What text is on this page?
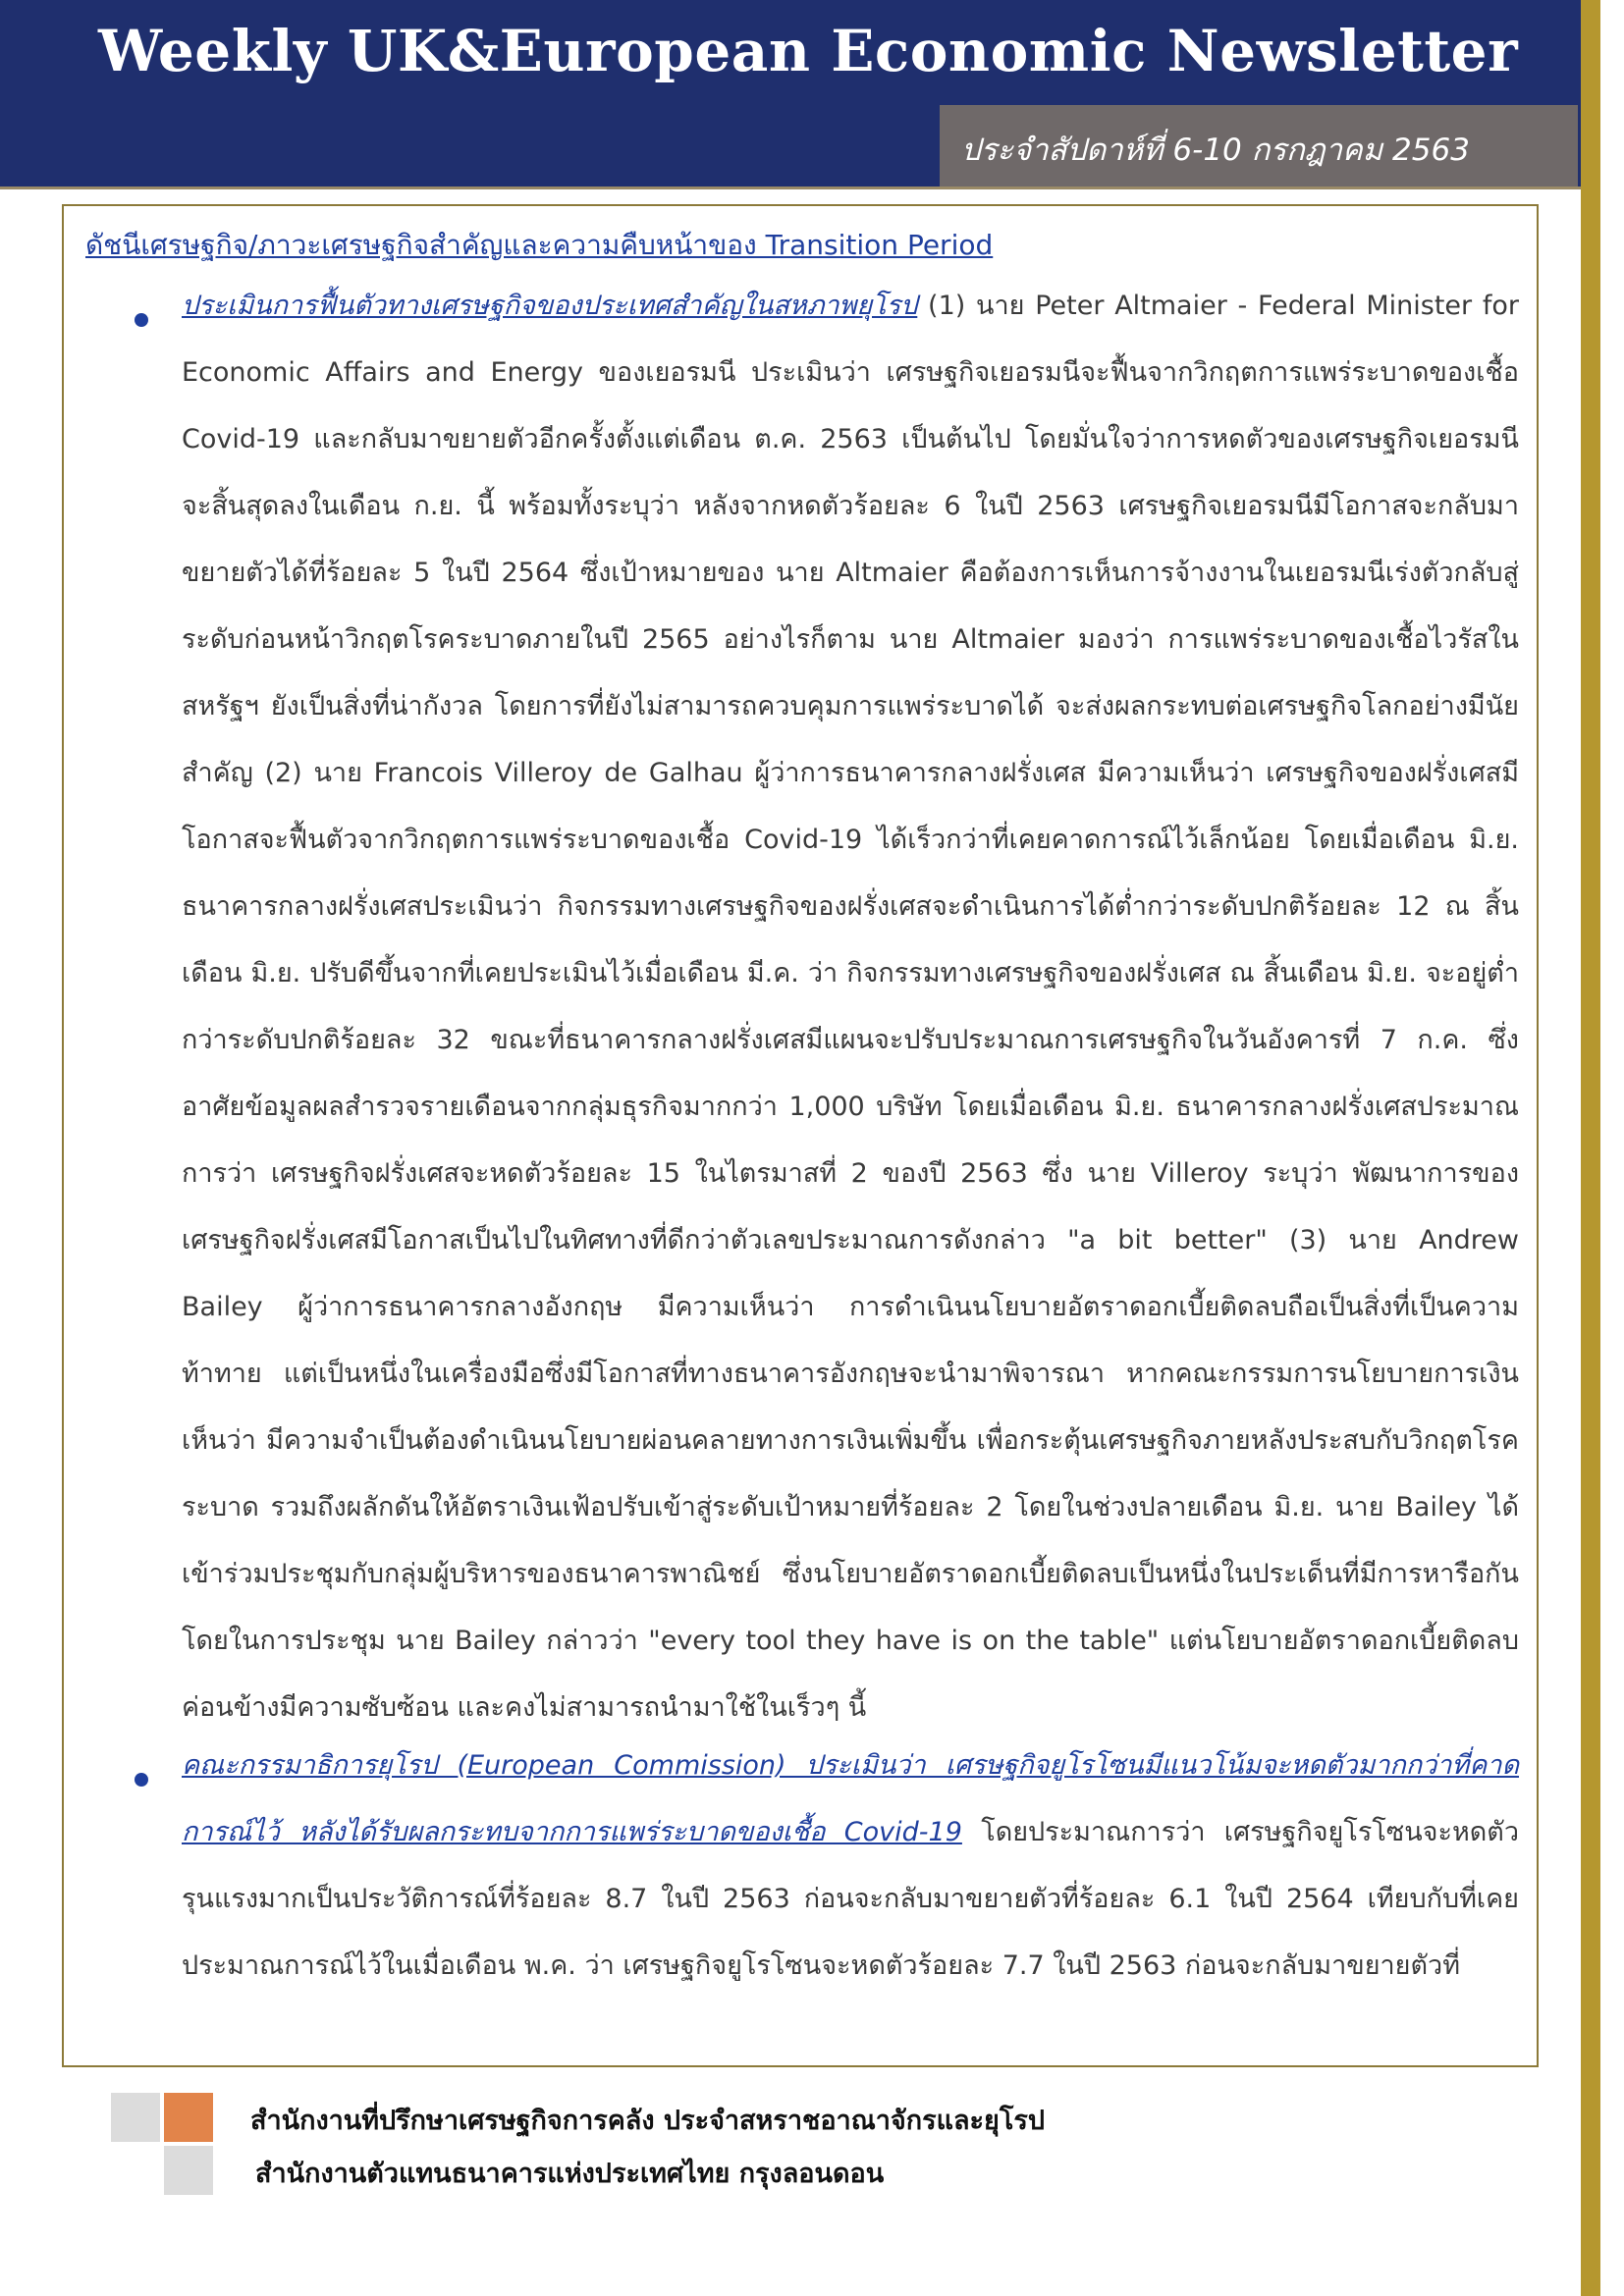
Weekly UK&European Economic Newsletter
ประจำสัปดาห์ที่ 6-10 กรกฎาคม 2563
ดัชนีเศรษฐกิจ/ภาวะเศรษฐกิจสำคัญและความคืบหน้าของ Transition Period

ประเมินการฟื้นตัวทางเศรษฐกิจของประเทศสำคัญในสหภาพยุโรป (1) นาย Peter Altmaier - Federal Minister for Economic Affairs and Energy ของเยอรมนี ประเมินว่า เศรษฐกิจเยอรมนีจะฟื้นจากวิกฤตการแพร่ระบาดของเชื้อ Covid-19 และกลับมาขยายตัวอีกครั้งตั้งแต่เดือน ต.ค. 2563 เป็นต้นไป โดยมั่นใจว่าการหดตัวของเศรษฐกิจเยอรมนีจะสิ้นสุดลงในเดือน ก.ย. นี้ พร้อมทั้งระบุว่า หลังจากหดตัวร้อยละ 6 ในปี 2563 เศรษฐกิจเยอรมนีมีโอกาสจะกลับมาขยายตัวได้ที่ร้อยละ 5 ในปี 2564 ซึ่งเป้าหมายของ นาย Altmaier คือต้องการเห็นการจ้างงานในเยอรมนีเร่งตัวกลับสู่ระดับก่อนหน้าวิกฤตโรคระบาดภายในปี 2565 อย่างไรก็ตาม นาย Altmaier มองว่า การแพร่ระบาดของเชื้อไวรัสในสหรัฐฯ ยังเป็นสิ่งที่น่ากังวล โดยการที่ยังไม่สามารถควบคุมการแพร่ระบาดได้ จะส่งผลกระทบต่อเศรษฐกิจโลกอย่างมีนัยสำคัญ (2) นาย Francois Villeroy de Galhau ผู้ว่าการธนาคารกลางฝรั่งเศส มีความเห็นว่า เศรษฐกิจของฝรั่งเศสมีโอกาสจะฟื้นตัวจากวิกฤตการแพร่ระบาดของเชื้อ Covid-19 ได้เร็วกว่าที่เคยคาดการณ์ไว้เล็กน้อย โดยเมื่อเดือน มิ.ย. ธนาคารกลางฝรั่งเศสประเมินว่า กิจกรรมทางเศรษฐกิจของฝรั่งเศสจะดำเนินการได้ต่ำกว่าระดับปกติร้อยละ 12 ณ สิ้นเดือน มิ.ย. ปรับดีขึ้นจากที่เคยประเมินไว้เมื่อเดือน มี.ค. ว่า กิจกรรมทางเศรษฐกิจของฝรั่งเศส ณ สิ้นเดือน มิ.ย. จะอยู่ต่ำกว่าระดับปกติร้อยละ 32 ขณะที่ธนาคารกลางฝรั่งเศสมีแผนจะปรับประมาณการเศรษฐกิจในวันอังคารที่ 7 ก.ค. ซึ่งอาศัยข้อมูลผลสำรวจรายเดือนจากกลุ่มธุรกิจมากกว่า 1,000 บริษัท โดยเมื่อเดือน มิ.ย. ธนาคารกลางฝรั่งเศสประมาณการว่า เศรษฐกิจฝรั่งเศสจะหดตัวร้อยละ 15 ในไตรมาสที่ 2 ของปี 2563 ซึ่ง นาย Villeroy ระบุว่า พัฒนาการของเศรษฐกิจฝรั่งเศสมีโอกาสเป็นไปในทิศทางที่ดีกว่าตัวเลขประมาณการดังกล่าว "a bit better" (3) นาย Andrew Bailey ผู้ว่าการธนาคารกลางอังกฤษ มีความเห็นว่า การดำเนินนโยบายอัตราดอกเบี้ยติดลบถือเป็นสิ่งที่เป็นความท้าทาย แต่เป็นหนึ่งในเครื่องมือซึ่งมีโอกาสที่ทางธนาคารอังกฤษจะนำมาพิจารณา หากคณะกรรมการนโยบายการเงินเห็นว่า มีความจำเป็นต้องดำเนินนโยบายผ่อนคลายทางการเงินเพิ่มขึ้น เพื่อกระตุ้นเศรษฐกิจภายหลังประสบกับวิกฤตโรคระบาด รวมถึงผลักดันให้อัตราเงินเฟ้อปรับเข้าสู่ระดับเป้าหมายที่ร้อยละ 2 โดยในช่วงปลายเดือน มิ.ย. นาย Bailey ได้เข้าร่วมประชุมกับกลุ่มผู้บริหารของธนาคารพาณิชย์ ซึ่งนโยบายอัตราดอกเบี้ยติดลบเป็นหนึ่งในประเด็นที่มีการหารือกัน โดยในการประชุม นาย Bailey กล่าวว่า "every tool they have is on the table" แต่นโยบายอัตราดอกเบี้ยติดลบค่อนข้างมีความซับซ้อน และคงไม่สามารถนำมาใช้ในเร็วๆ นี้

คณะกรรมาธิการยุโรป (European Commission) ประเมินว่า เศรษฐกิจยูโรโซนมีแนวโน้มจะหดตัวมากกว่าที่คาดการณ์ไว้ หลังได้รับผลกระทบจากการแพร่ระบาดของเชื้อ Covid-19 โดยประมาณการว่า เศรษฐกิจยูโรโซนจะหดตัวรุนแรงมากเป็นประวัติการณ์ที่ร้อยละ 8.7 ในปี 2563 ก่อนจะกลับมาขยายตัวที่ร้อยละ 6.1 ในปี 2564 เทียบกับที่เคยประมาณการณ์ไว้ในเมื่อเดือน พ.ค. ว่า เศรษฐกิจยูโรโซนจะหดตัวร้อยละ 7.7 ในปี 2563 ก่อนจะกลับมาขยายตัวที่

สำนักงานที่ปรึกษาเศรษฐกิจการคลัง ประจำสหราชอาณาจักรและยุโรป
สำนักงานตัวแทนธนาคารแห่งประเทศไทย กรุงลอนดอน
